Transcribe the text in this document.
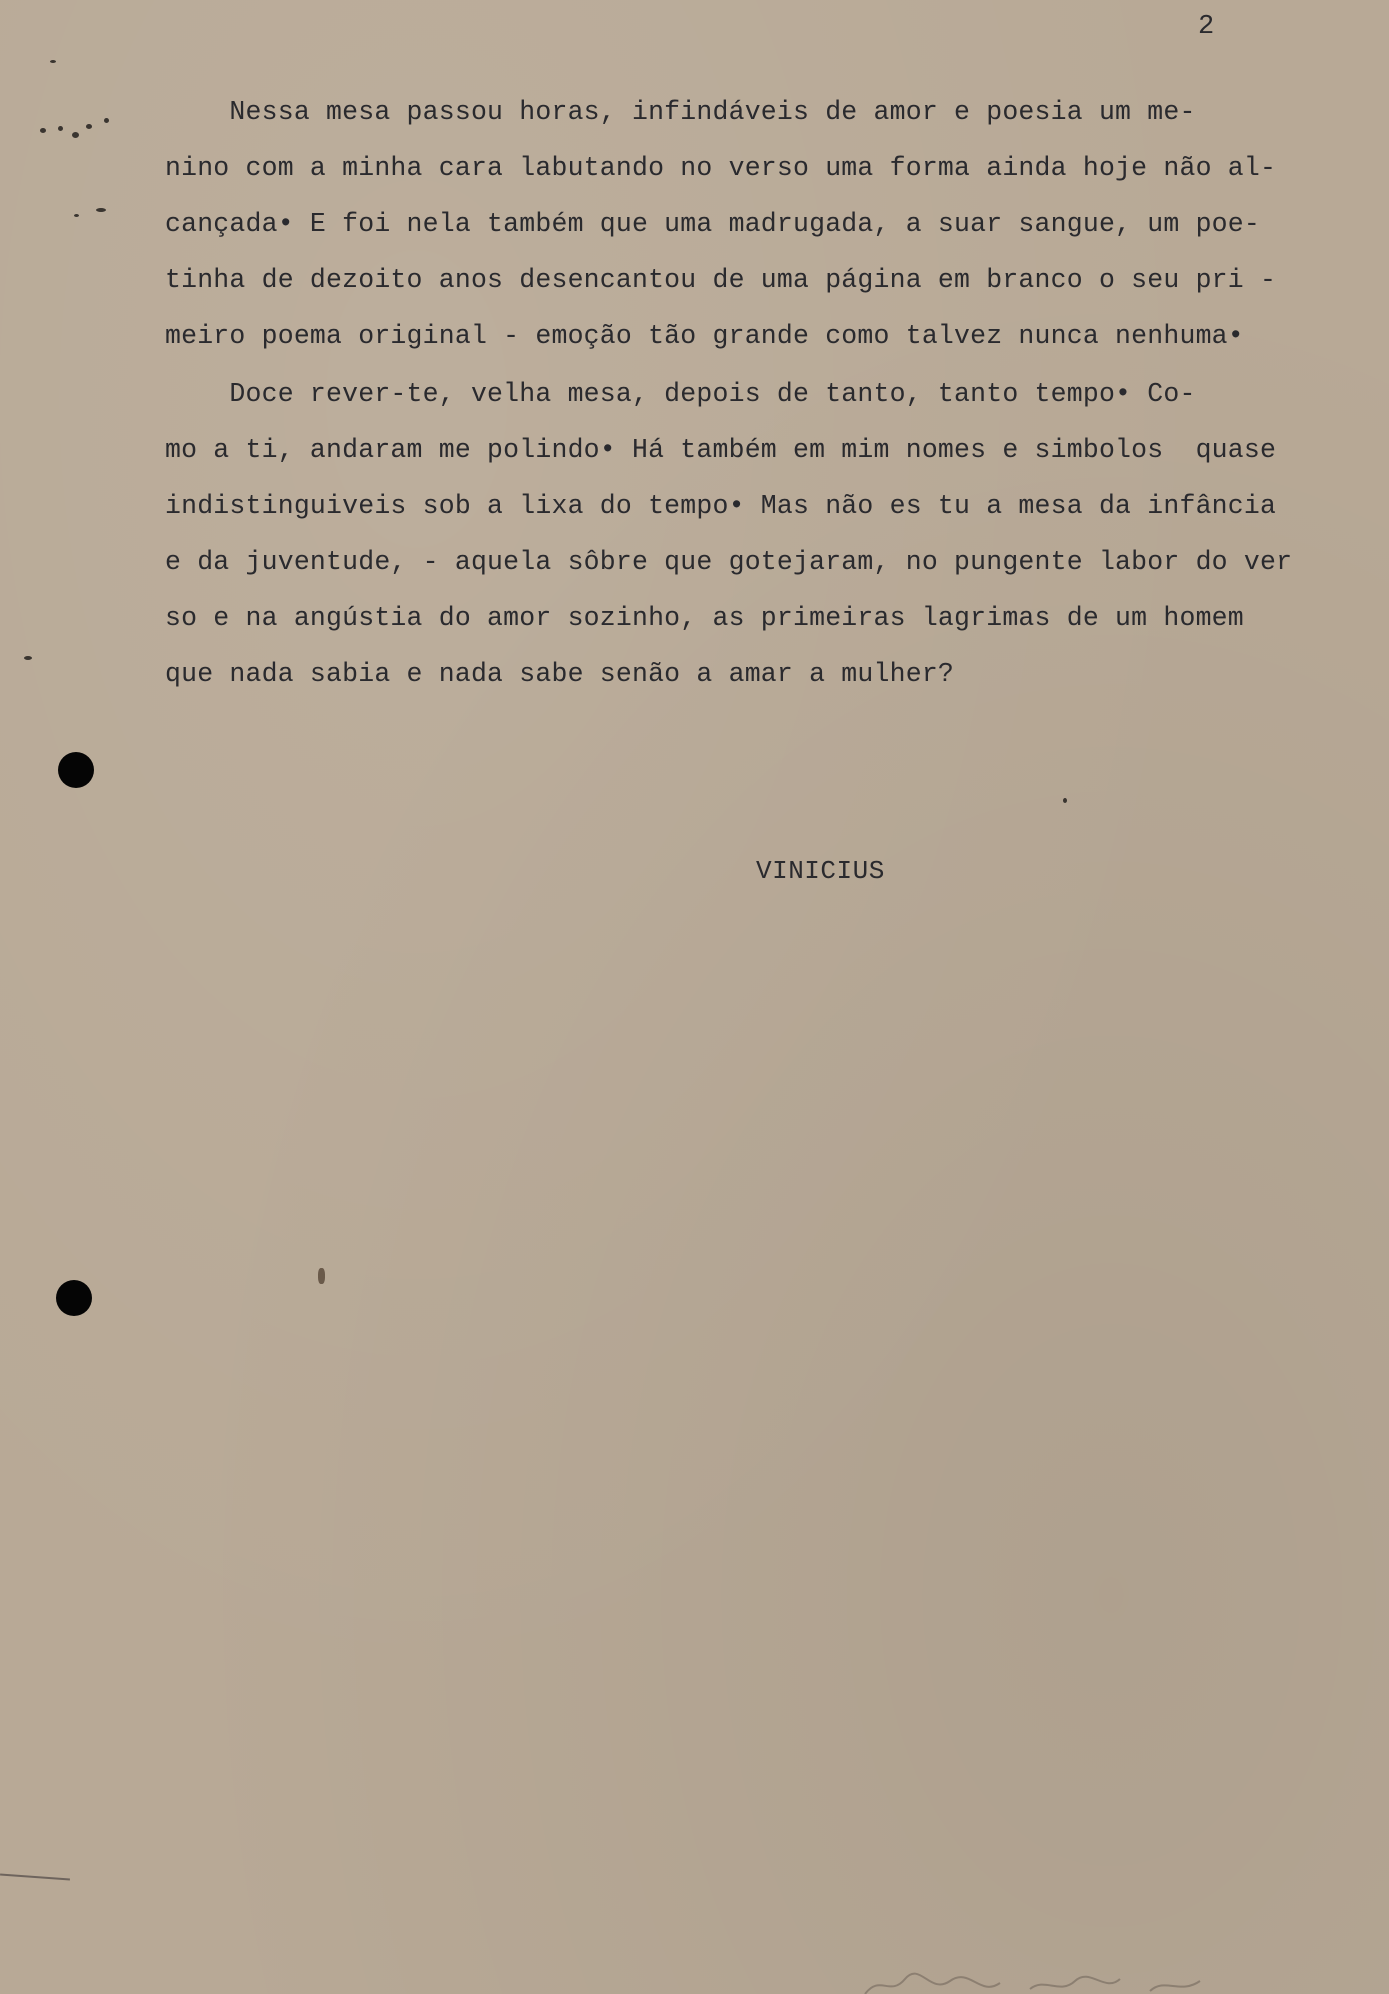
2
Nessa mesa passou horas, infindáveis de amor e poesia um me-
nino com a minha cara labutando no verso uma forma ainda hoje não al-
cançada• E foi nela também que uma madrugada, a suar sangue, um poe-
tinha de dezoito anos desencantou de uma página em branco o seu pri -
meiro poema original - emoção tão grande como talvez nunca nenhuma•
Doce rever-te, velha mesa, depois de tanto, tanto tempo• Co-
mo a ti, andaram me polindo• Há também em mim nomes e simbolos  quase
indistinguiveis sob a lixa do tempo• Mas não es tu a mesa da infância
e da juventude, - aquela sôbre que gotejaram, no pungente labor do ver
so e na angústia do amor sozinho, as primeiras lagrimas de um homem
que nada sabia e nada sabe senão a amar a mulher?
VINICIUS
